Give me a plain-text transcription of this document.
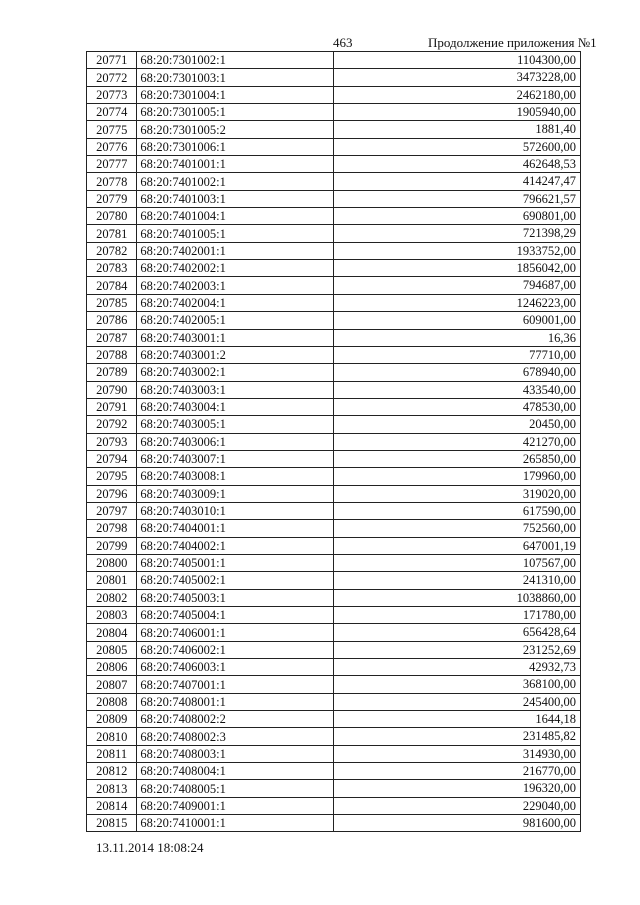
463	Продолжение приложения №1
20771	68:20:7301002:1	1104300,00
20772	68:20:7301003:1	3473228,00
20773	68:20:7301004:1	2462180,00
20774	68:20:7301005:1	1905940,00
20775	68:20:7301005:2	1881,40
20776	68:20:7301006:1	572600,00
20777	68:20:7401001:1	462648,53
20778	68:20:7401002:1	414247,47
20779	68:20:7401003:1	796621,57
20780	68:20:7401004:1	690801,00
20781	68:20:7401005:1	721398,29
20782	68:20:7402001:1	1933752,00
20783	68:20:7402002:1	1856042,00
20784	68:20:7402003:1	794687,00
20785	68:20:7402004:1	1246223,00
20786	68:20:7402005:1	609001,00
20787	68:20:7403001:1	16,36
20788	68:20:7403001:2	77710,00
20789	68:20:7403002:1	678940,00
20790	68:20:7403003:1	433540,00
20791	68:20:7403004:1	478530,00
20792	68:20:7403005:1	20450,00
20793	68:20:7403006:1	421270,00
20794	68:20:7403007:1	265850,00
20795	68:20:7403008:1	179960,00
20796	68:20:7403009:1	319020,00
20797	68:20:7403010:1	617590,00
20798	68:20:7404001:1	752560,00
20799	68:20:7404002:1	647001,19
20800	68:20:7405001:1	107567,00
20801	68:20:7405002:1	241310,00
20802	68:20:7405003:1	1038860,00
20803	68:20:7405004:1	171780,00
20804	68:20:7406001:1	656428,64
20805	68:20:7406002:1	231252,69
20806	68:20:7406003:1	42932,73
20807	68:20:7407001:1	368100,00
20808	68:20:7408001:1	245400,00
20809	68:20:7408002:2	1644,18
20810	68:20:7408002:3	231485,82
20811	68:20:7408003:1	314930,00
20812	68:20:7408004:1	216770,00
20813	68:20:7408005:1	196320,00
20814	68:20:7409001:1	229040,00
20815	68:20:7410001:1	981600,00
13.11.2014 18:08:24
